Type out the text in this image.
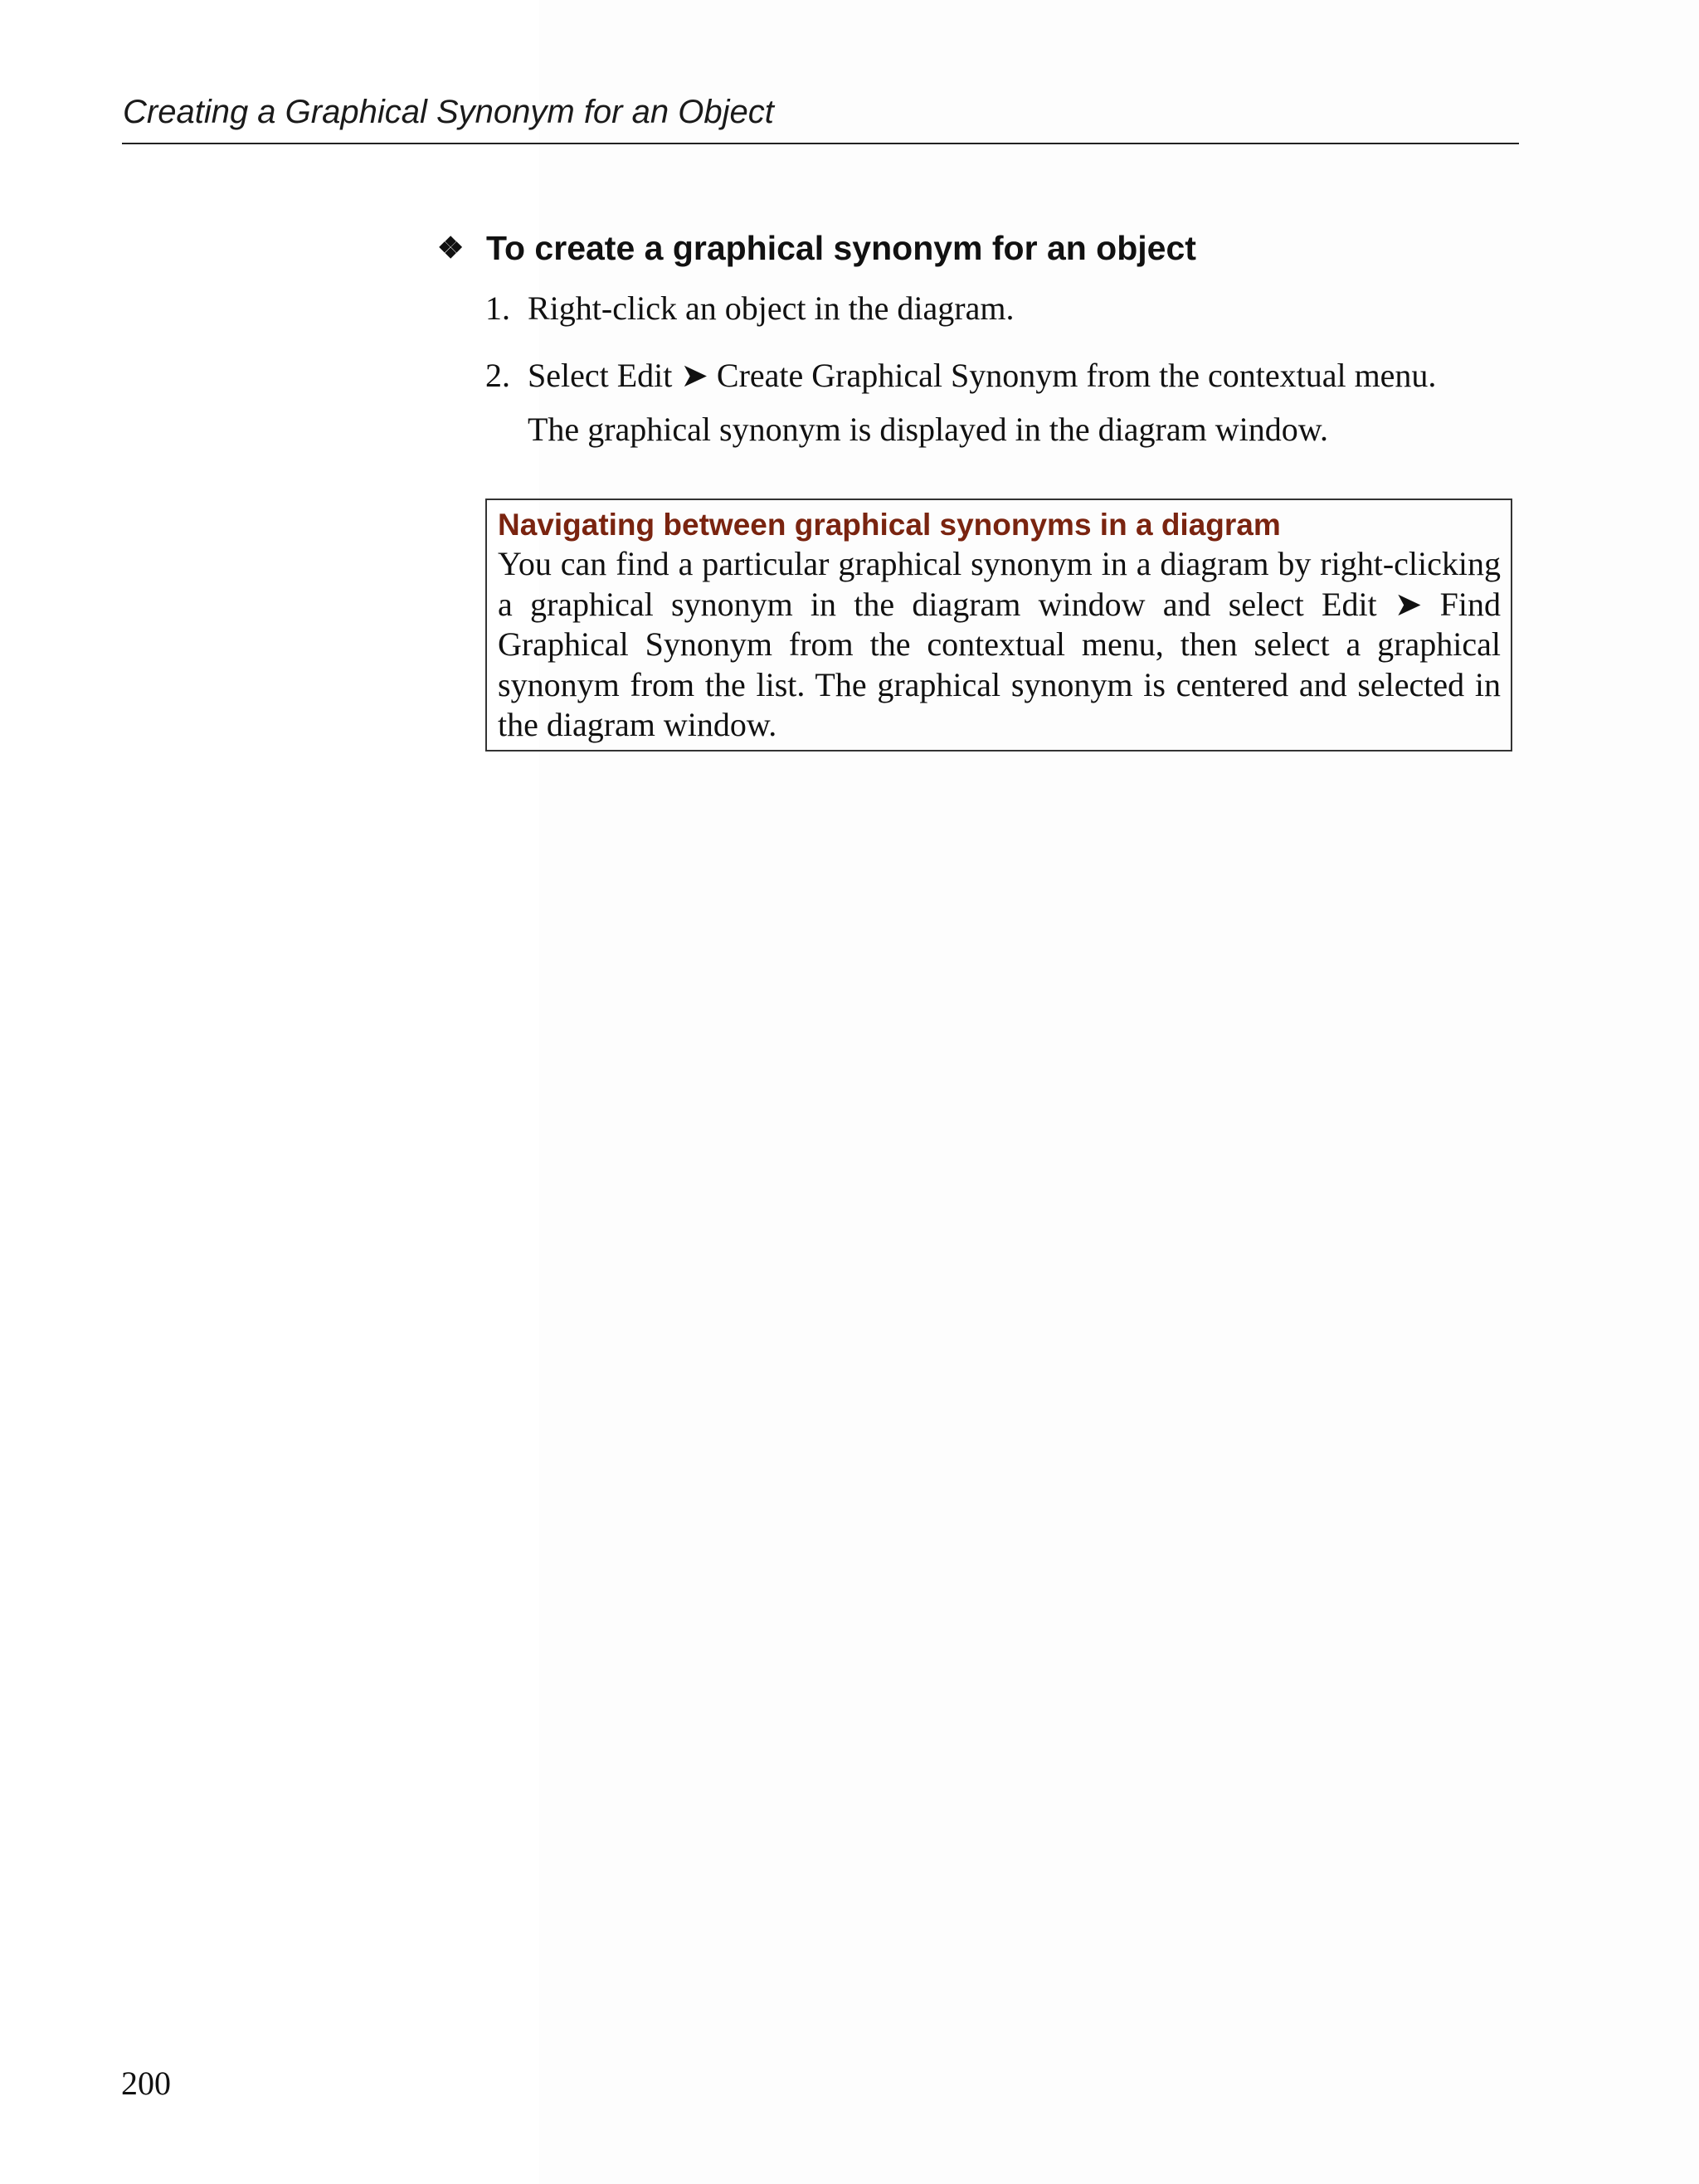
Creating a Graphical Synonym for an Object
❖ To create a graphical synonym for an object
1. Right-click an object in the diagram.
2. Select Edit ➤ Create Graphical Synonym from the contextual menu.
The graphical synonym is displayed in the diagram window.
Navigating between graphical synonyms in a diagram
You can find a particular graphical synonym in a diagram by right-clicking
a graphical synonym in the diagram window and select Edit ➤ Find
Graphical Synonym from the contextual menu, then select a graphical
synonym from the list. The graphical synonym is centered and selected in
the diagram window.
200
